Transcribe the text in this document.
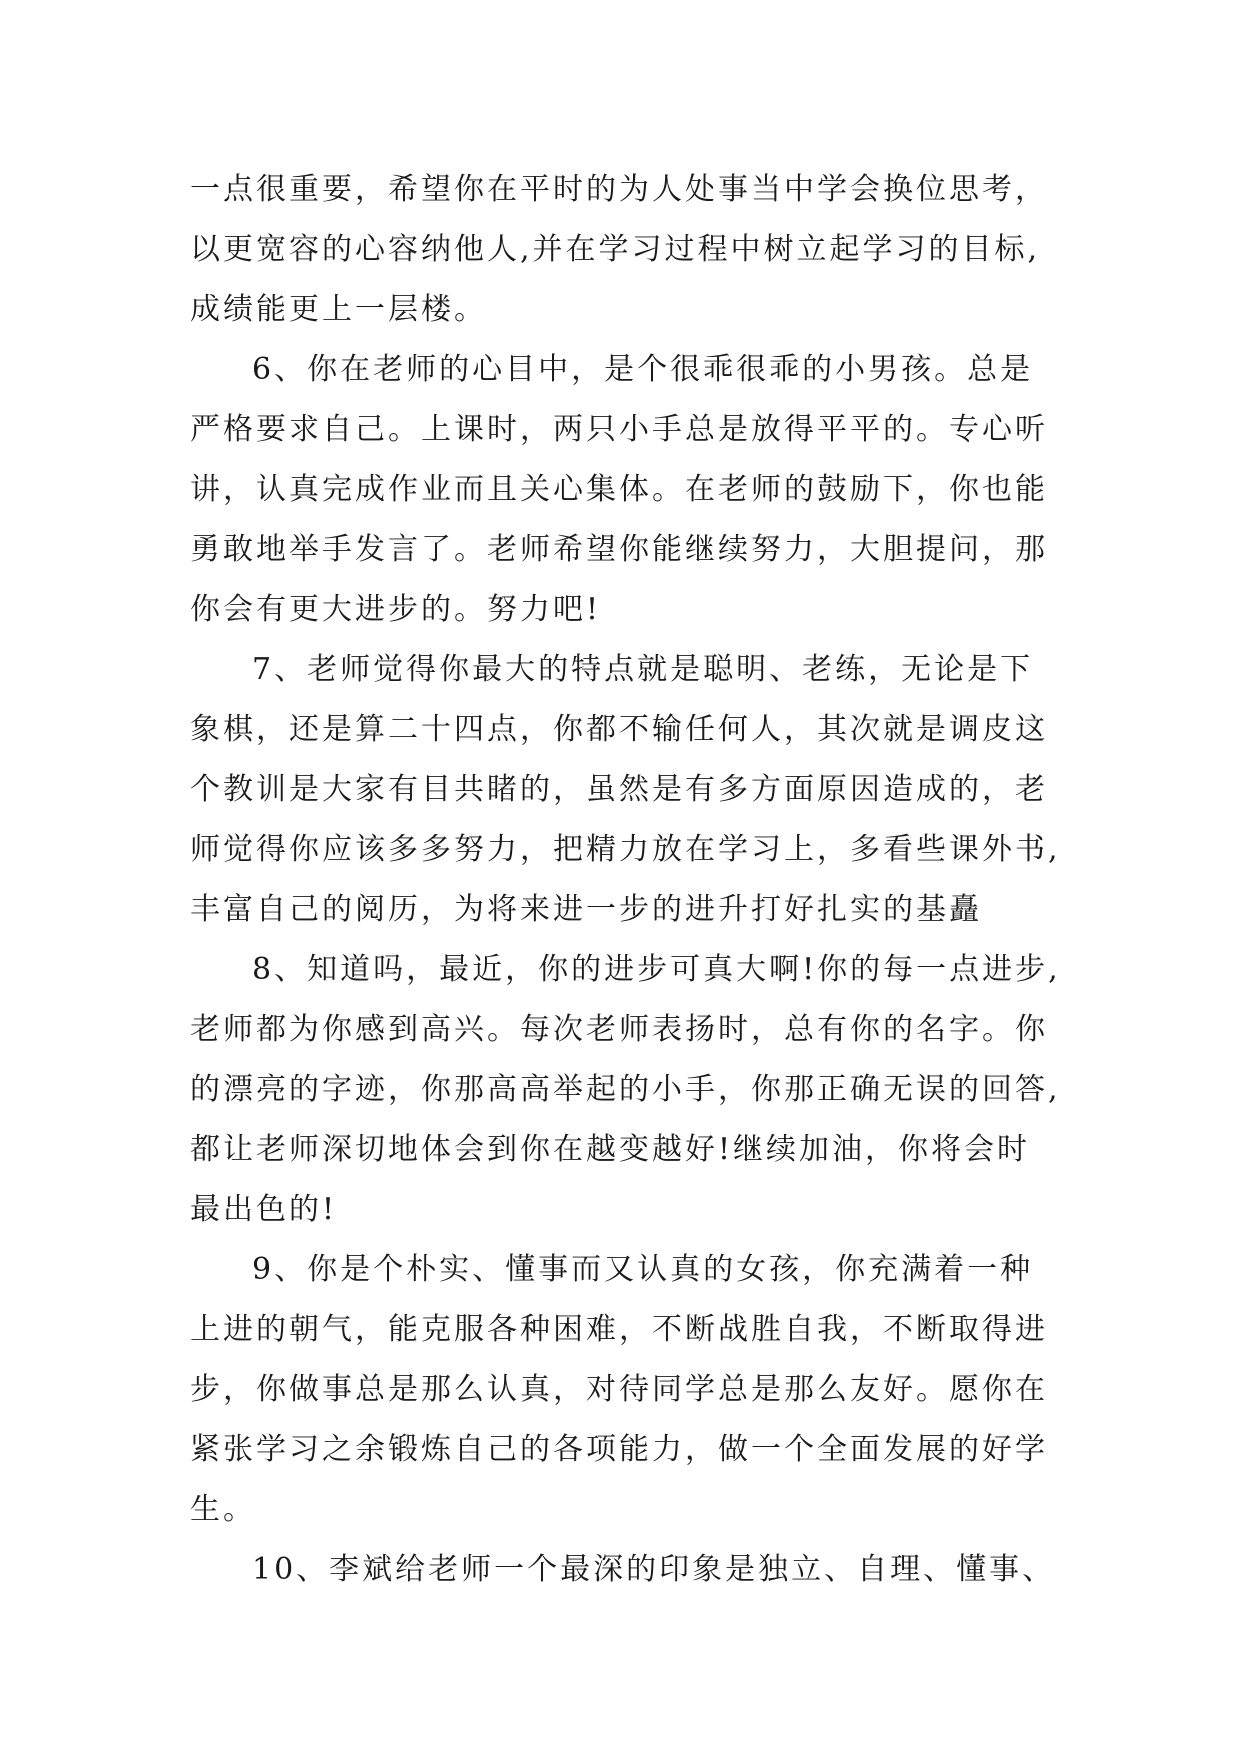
一点很重要，希望你在平时的为人处事当中学会换位思考，
以更宽容的心容纳他人,并在学习过程中树立起学习的目标,
成绩能更上一层楼。
6、你在老师的心目中，是个很乖很乖的小男孩。总是
严格要求自己。上课时，两只小手总是放得平平的。专心听
讲，认真完成作业而且关心集体。在老师的鼓励下，你也能
勇敢地举手发言了。老师希望你能继续努力，大胆提问，那
你会有更大进步的。努力吧!
7、老师觉得你最大的特点就是聪明、老练，无论是下
象棋，还是算二十四点，你都不输任何人，其次就是调皮这
个教训是大家有目共睹的，虽然是有多方面原因造成的，老
师觉得你应该多多努力，把精力放在学习上，多看些课外书,
丰富自己的阅历，为将来进一步的进升打好扎实的基矗
8、知道吗，最近，你的进步可真大啊!你的每一点进步,
老师都为你感到高兴。每次老师表扬时，总有你的名字。你
的漂亮的字迹，你那高高举起的小手，你那正确无误的回答,
都让老师深切地体会到你在越变越好!继续加油，你将会时
最出色的!
9、你是个朴实、懂事而又认真的女孩，你充满着一种
上进的朝气，能克服各种困难，不断战胜自我，不断取得进
步，你做事总是那么认真，对待同学总是那么友好。愿你在
紧张学习之余锻炼自己的各项能力，做一个全面发展的好学
生。
10、李斌给老师一个最深的印象是独立、自理、懂事、
